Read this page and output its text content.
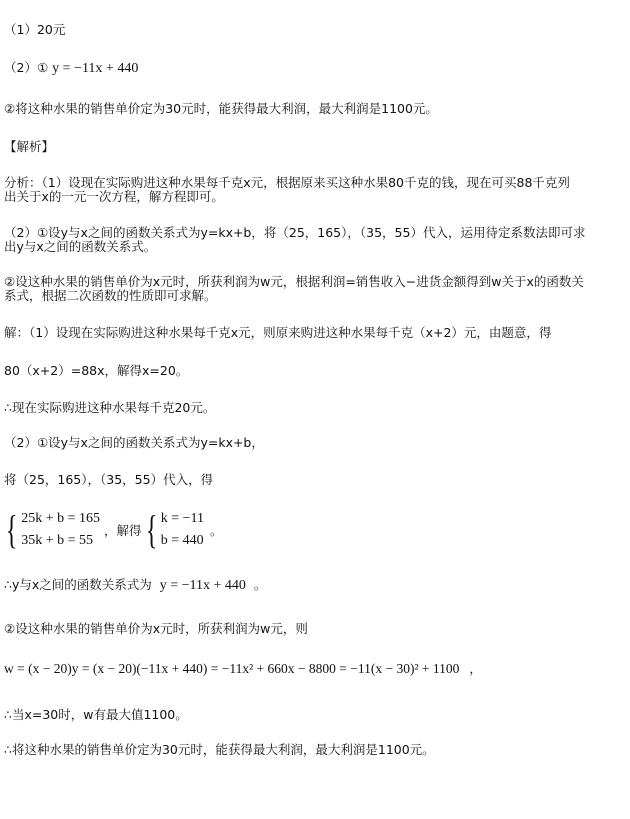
（1）20元
（2）① y = −11x + 440
②将这种水果的销售单价定为30元时，能获得最大利润，最大利润是1100元。
【解析】
分析：（1）设现在实际购进这种水果每千克x元，根据原来买这种水果80千克的钱，现在可买88千克列
出关于x的一元一次方程，解方程即可。
（2）①设y与x之间的函数关系式为y=kx+b，将（25，165），（35，55）代入，运用待定系数法即可求
出y与x之间的函数关系式。
②设这种水果的销售单价为x元时，所获利润为w元，根据利润=销售收入−进货金额得到w关于x的函数关
系式，根据二次函数的性质即可求解。
解：（1）设现在实际购进这种水果每千克x元，则原来购进这种水果每千克（x+2）元，由题意，得
80（x+2）=88x，解得x=20。
∴现在实际购进这种水果每千克20元。
（2）①设y与x之间的函数关系式为y=kx+b，
将（25，165），（35，55）代入，得
{ 25k + b = 165
35k + b = 55
，解得 { k = −11
b = 440
。
∴y与x之间的函数关系式为 y = −11x + 440 。
②设这种水果的销售单价为x元时，所获利润为w元，则
w = (x − 20)y = (x − 20)(−11x + 440) = −11x² + 660x − 8800 = −11(x − 30)² + 1100 ，
∴当x=30时，w有最大值1100。
∴将这种水果的销售单价定为30元时，能获得最大利润，最大利润是1100元。
